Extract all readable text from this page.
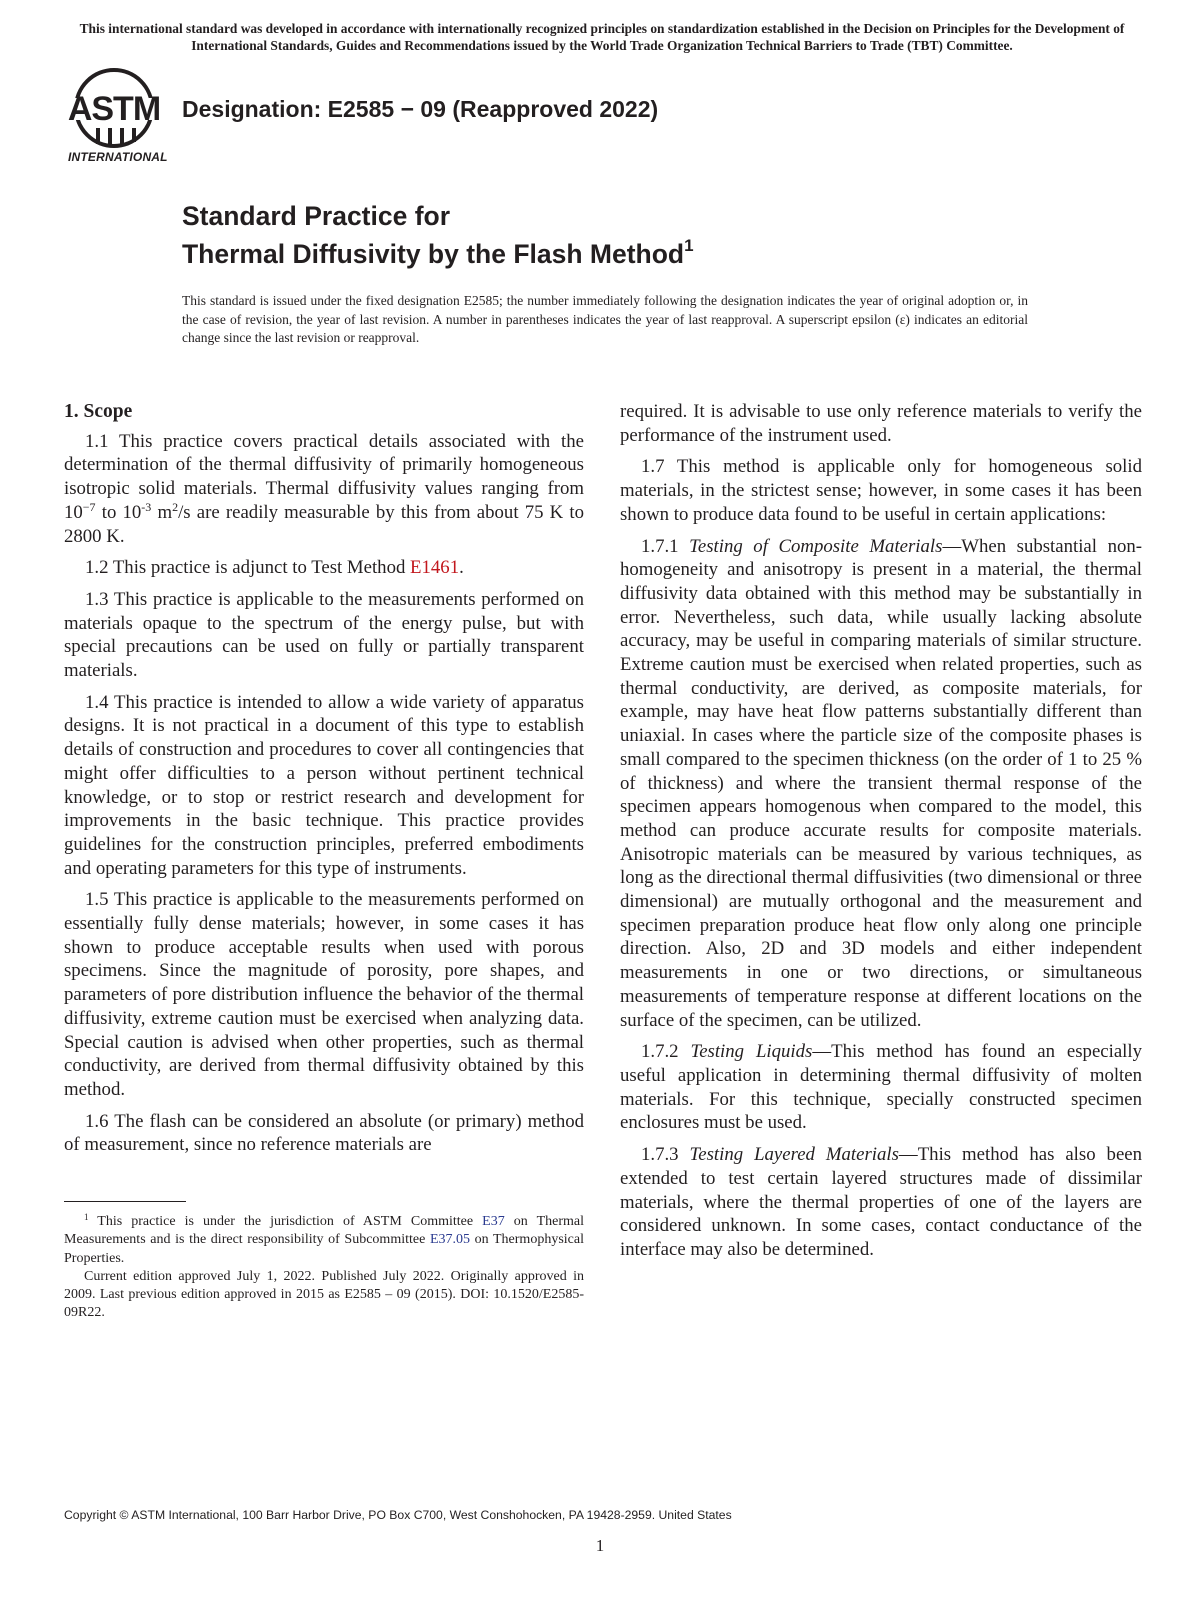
This international standard was developed in accordance with internationally recognized principles on standardization established in the Decision on Principles for the Development of International Standards, Guides and Recommendations issued by the World Trade Organization Technical Barriers to Trade (TBT) Committee.
ASTM
INTERNATIONAL
Designation: E2585 − 09 (Reapproved 2022)
Standard Practice for
Thermal Diffusivity by the Flash Method$^1$
This standard is issued under the fixed designation E2585; the number immediately following the designation indicates the year of original adoption or, in the case of revision, the year of last revision. A number in parentheses indicates the year of last reapproval. A superscript epsilon (ε) indicates an editorial change since the last revision or reapproval.
1. Scope

1.1 This practice covers practical details associated with the determination of the thermal diffusivity of primarily homogeneous isotropic solid materials. Thermal diffusivity values ranging from $10^{-7}$ to $10^{-3}$ $m^2/s$ are readily measurable by this from about 75 K to 2800 K.

1.2 This practice is adjunct to Test Method E1461.

1.3 This practice is applicable to the measurements performed on materials opaque to the spectrum of the energy pulse, but with special precautions can be used on fully or partially transparent materials.

1.4 This practice is intended to allow a wide variety of apparatus designs. It is not practical in a document of this type to establish details of construction and procedures to cover all contingencies that might offer difficulties to a person without pertinent technical knowledge, or to stop or restrict research and development for improvements in the basic technique. This practice provides guidelines for the construction principles, preferred embodiments and operating parameters for this type of instruments.

1.5 This practice is applicable to the measurements performed on essentially fully dense materials; however, in some cases it has shown to produce acceptable results when used with porous specimens. Since the magnitude of porosity, pore shapes, and parameters of pore distribution influence the behavior of the thermal diffusivity, extreme caution must be exercised when analyzing data. Special caution is advised when other properties, such as thermal conductivity, are derived from thermal diffusivity obtained by this method.

1.6 The flash can be considered an absolute (or primary) method of measurement, since no reference materials are

required. It is advisable to use only reference materials to verify the performance of the instrument used.

1.7 This method is applicable only for homogeneous solid materials, in the strictest sense; however, in some cases it has been shown to produce data found to be useful in certain applications:

1.7.1 Testing of Composite Materials—When substantial non-homogeneity and anisotropy is present in a material, the thermal diffusivity data obtained with this method may be substantially in error. Nevertheless, such data, while usually lacking absolute accuracy, may be useful in comparing materials of similar structure. Extreme caution must be exercised when related properties, such as thermal conductivity, are derived, as composite materials, for example, may have heat flow patterns substantially different than uniaxial. In cases where the particle size of the composite phases is small compared to the specimen thickness (on the order of 1 to 25 % of thickness) and where the transient thermal response of the specimen appears homogenous when compared to the model, this method can produce accurate results for composite materials. Anisotropic materials can be measured by various techniques, as long as the directional thermal diffusivities (two dimensional or three dimensional) are mutually orthogonal and the measurement and specimen preparation produce heat flow only along one principle direction. Also, 2D and 3D models and either independent measurements in one or two directions, or simultaneous measurements of temperature response at different locations on the surface of the specimen, can be utilized.

1.7.2 Testing Liquids—This method has found an especially useful application in determining thermal diffusivity of molten materials. For this technique, specially constructed specimen enclosures must be used.

1.7.3 Testing Layered Materials—This method has also been extended to test certain layered structures made of dissimilar materials, where the thermal properties of one of the layers are considered unknown. In some cases, contact conductance of the interface may also be determined.

$^1$ This practice is under the jurisdiction of ASTM Committee E37 on Thermal Measurements and is the direct responsibility of Subcommittee E37.05 on Thermophysical Properties.

Current edition approved July 1, 2022. Published July 2022. Originally approved in 2009. Last previous edition approved in 2015 as E2585 – 09 (2015). DOI: 10.1520/E2585-09R22.

Copyright © ASTM International, 100 Barr Harbor Drive, PO Box C700, West Conshohocken, PA 19428-2959. United States
1
